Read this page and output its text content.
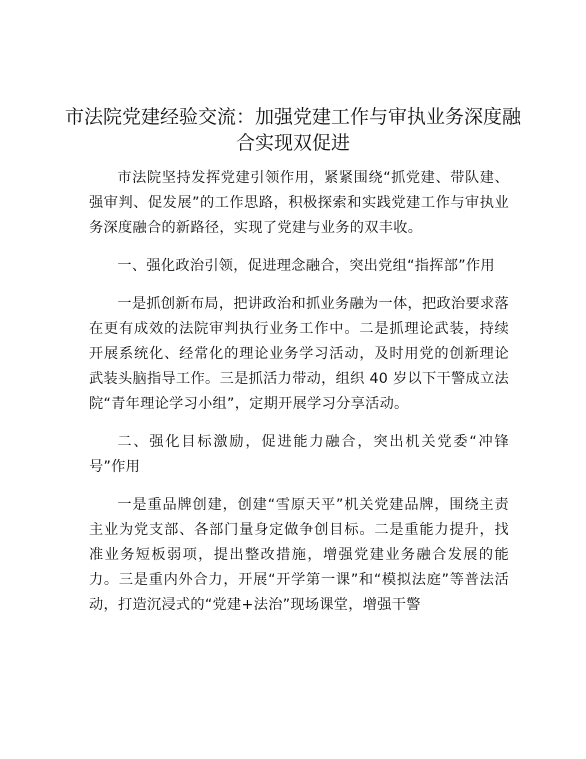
市法院党建经验交流：加强党建工作与审执业务深度融合实现双促进

市法院坚持发挥党建引领作用，紧紧围绕“抓党建、带队建、强审判、促发展”的工作思路，积极探索和实践党建工作与审执业务深度融合的新路径，实现了党建与业务的双丰收。

一、强化政治引领，促进理念融合，突出党组“指挥部”作用

一是抓创新布局，把讲政治和抓业务融为一体，把政治要求落在更有成效的法院审判执行业务工作中。二是抓理论武装，持续开展系统化、经常化的理论业务学习活动，及时用党的创新理论武装头脑指导工作。三是抓活力带动，组织 40 岁以下干警成立法院“青年理论学习小组”，定期开展学习分享活动。

二、强化目标激励，促进能力融合，突出机关党委“冲锋号”作用

一是重品牌创建，创建“雪原天平”机关党建品牌，围绕主责主业为党支部、各部门量身定做争创目标。二是重能力提升，找准业务短板弱项，提出整改措施，增强党建业务融合发展的能力。三是重内外合力，开展“开学第一课”和“模拟法庭”等普法活动，打造沉浸式的“党建+法治”现场课堂，增强干警
